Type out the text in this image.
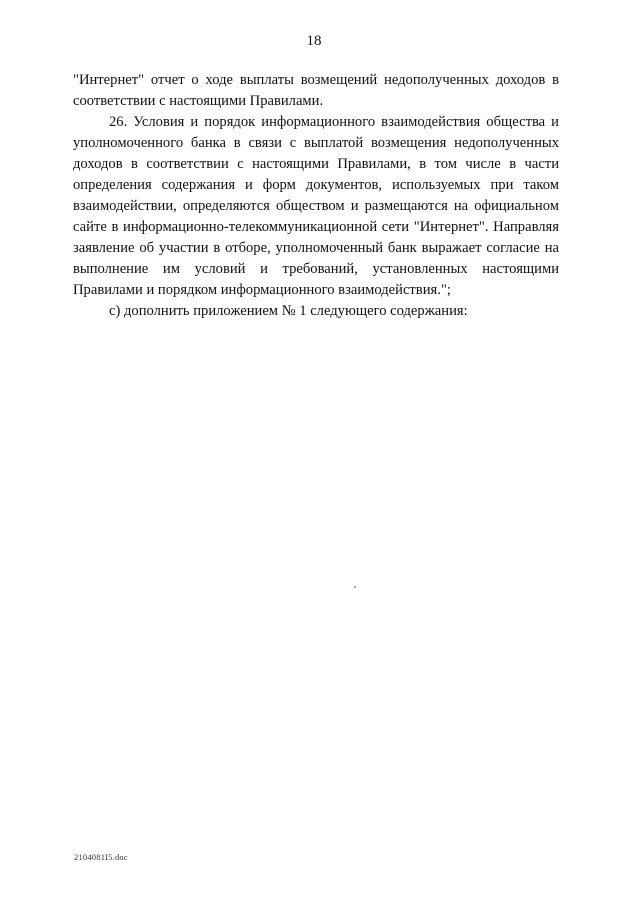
18

"Интернет" отчет о ходе выплаты возмещений недополученных доходов в соответствии с настоящими Правилами.

26. Условия и порядок информационного взаимодействия общества и уполномоченного банка в связи с выплатой возмещения недополученных доходов в соответствии с настоящими Правилами, в том числе в части определения содержания и форм документов, используемых при таком взаимодействии, определяются обществом и размещаются на официальном сайте в информационно-телекоммуникационной сети "Интернет". Направляя заявление об участии в отборе, уполномоченный банк выражает согласие на выполнение им условий и требований, установленных настоящими Правилами и порядком информационного взаимодействия.";

с) дополнить приложением № 1 следующего содержания:

2104081I5.doc
